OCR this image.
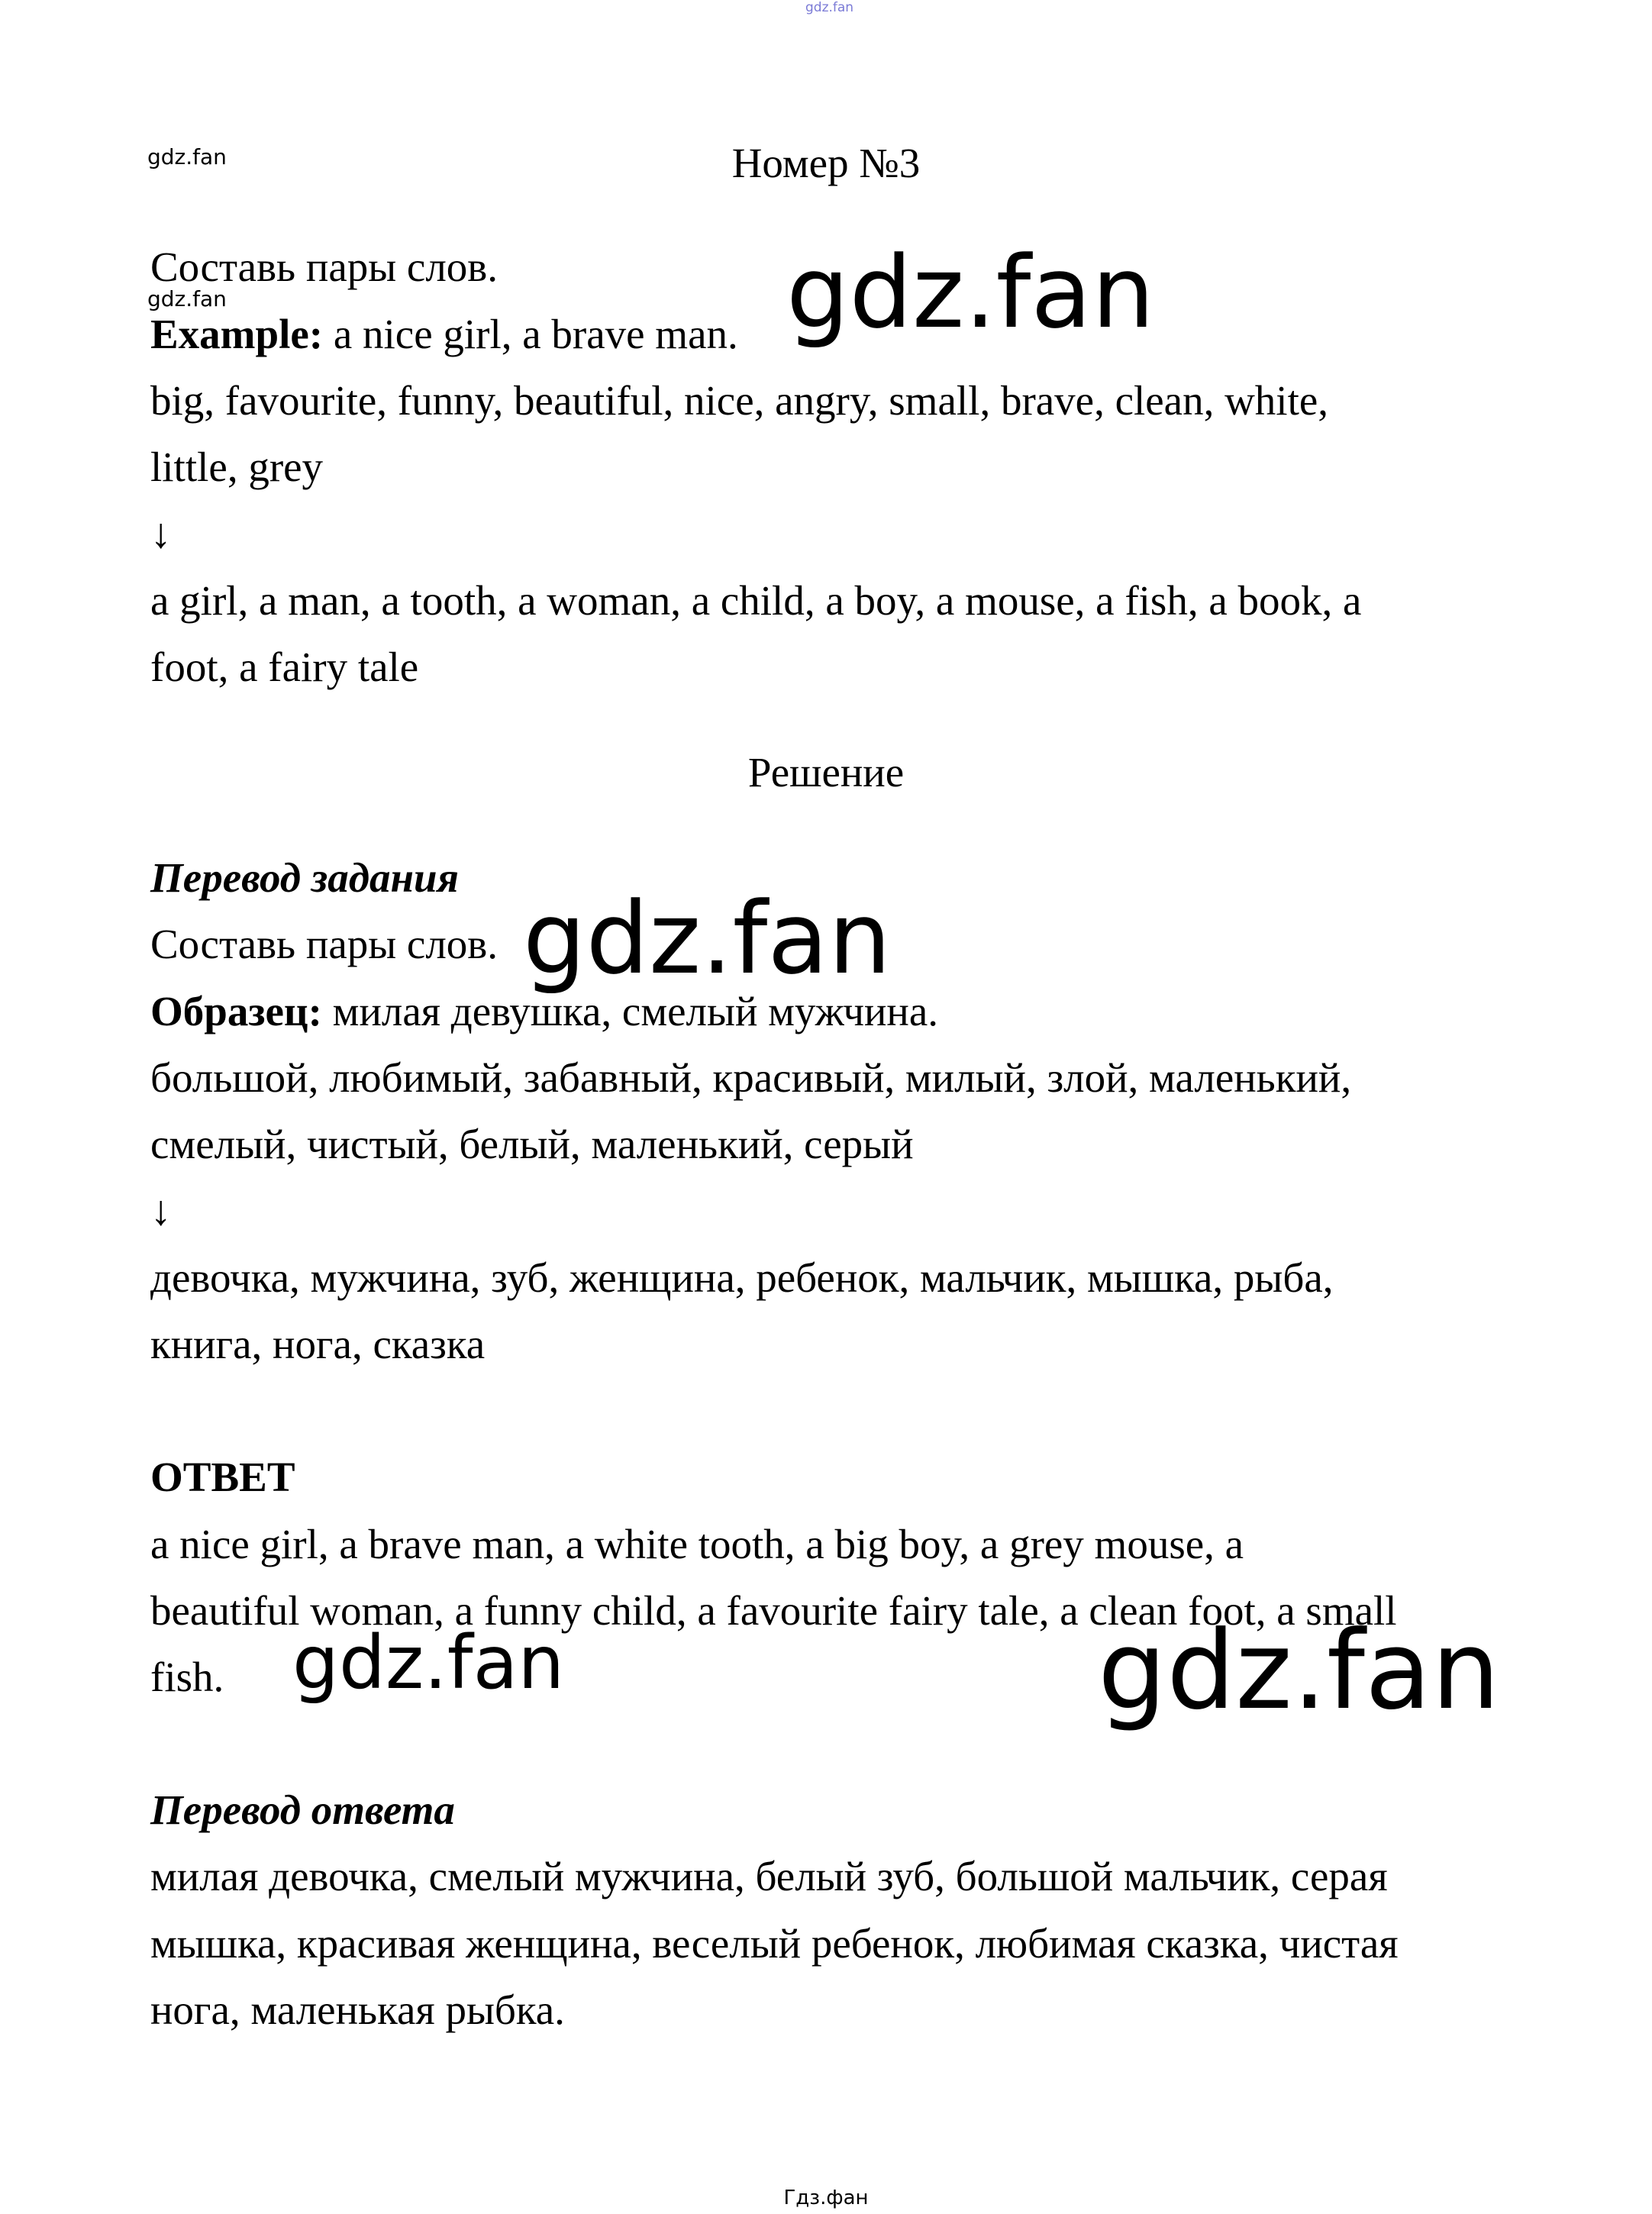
gdz.fan
gdz.fan	Номер №3
Составь пары слов.
gdz.fan	gdz.fan
Example: a nice girl, a brave man.
big, favourite, funny, beautiful, nice, angry, small, brave, clean, white,
little, grey
↓
a girl, a man, a tooth, a woman, a child, a boy, a mouse, a fish, a book, a
foot, a fairy tale
Решение
Перевод задания
Составь пары слов. gdz.fan
Образец: милая девушка, смелый мужчина.
большой, любимый, забавный, красивый, милый, злой, маленький,
смелый, чистый, белый, маленький, серый
↓
девочка, мужчина, зуб, женщина, ребенок, мальчик, мышка, рыба,
книга, нога, сказка
ОТВЕТ
a nice girl, a brave man, a white tooth, a big boy, a grey mouse, a
beautiful woman, a funny child, a favourite fairy tale, a clean foot, a small
fish. gdz.fan	gdz.fan
Перевод ответа
милая девочка, смелый мужчина, белый зуб, большой мальчик, серая
мышка, красивая женщина, веселый ребенок, любимая сказка, чистая
нога, маленькая рыбка.
Гдз.фан
